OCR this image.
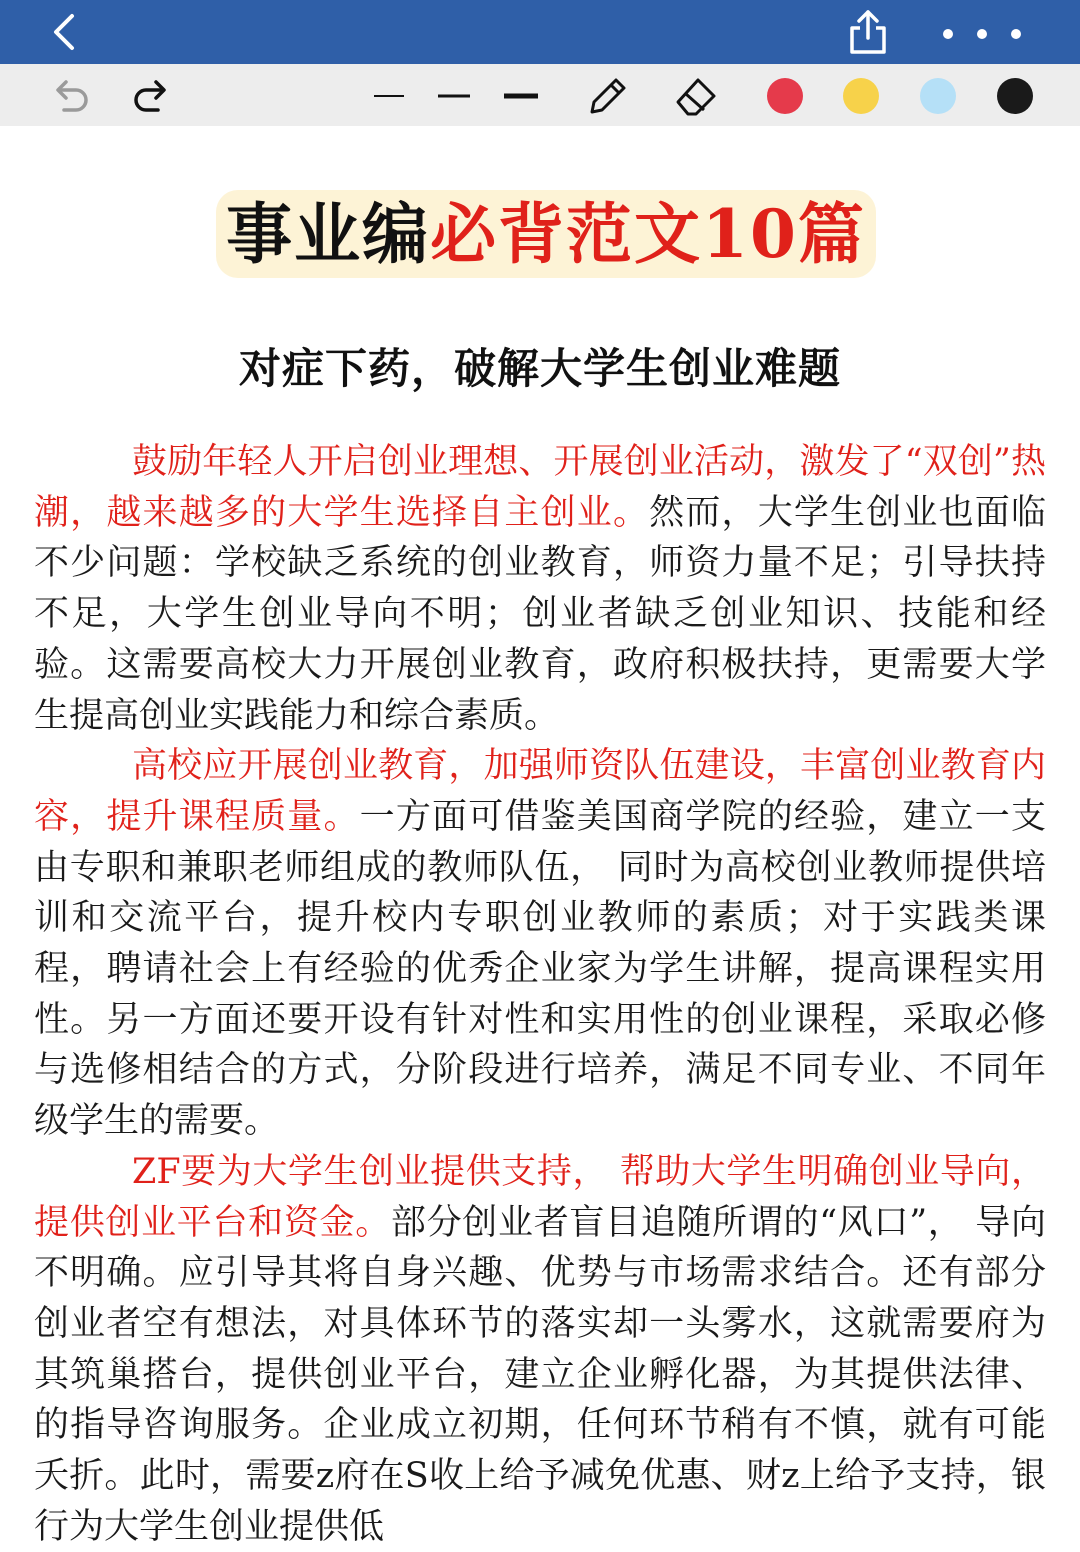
事业编必背范文10篇
对症下药，破解大学生创业难题

鼓励年轻人开启创业理想、开展创业活动，激发了“双创”热潮，越来越多的大学生选择自主创业。然而，大学生创业也面临不少问题：学校缺乏系统的创业教育，师资力量不足；引导扶持不足，大学生创业导向不明；创业者缺乏创业知识、技能和经验。这需要高校大力开展创业教育，政府积极扶持，更需要大学生提高创业实践能力和综合素质。

高校应开展创业教育，加强师资队伍建设，丰富创业教育内容，提升课程质量。一方面可借鉴美国商学院的经验，建立一支由专职和兼职老师组成的教师队伍， 同时为高校创业教师提供培训和交流平台，提升校内专职创业教师的素质；对于实践类课程，聘请社会上有经验的优秀企业家为学生讲解，提高课程实用性。另一方面还要开设有针对性和实用性的创业课程，采取必修与选修相结合的方式，分阶段进行培养，满足不同专业、不同年级学生的需要。

ZF要为大学生创业提供支持， 帮助大学生明确创业导向， 提供创业平台和资金。部分创业者盲目追随所谓的“风口”， 导向不明确。应引导其将自身兴趣、优势与市场需求结合。还有部分创业者空有想法，对具体环节的落实却一头雾水，这就需要府为其筑巢搭台，提供创业平台，建立企业孵化器，为其提供法律、的指导咨询服务。企业成立初期，任何环节稍有不慎，就有可能夭折。此时，需要z府在S收上给予减免优惠、财z上给予支持，银行为大学生创业提供低
